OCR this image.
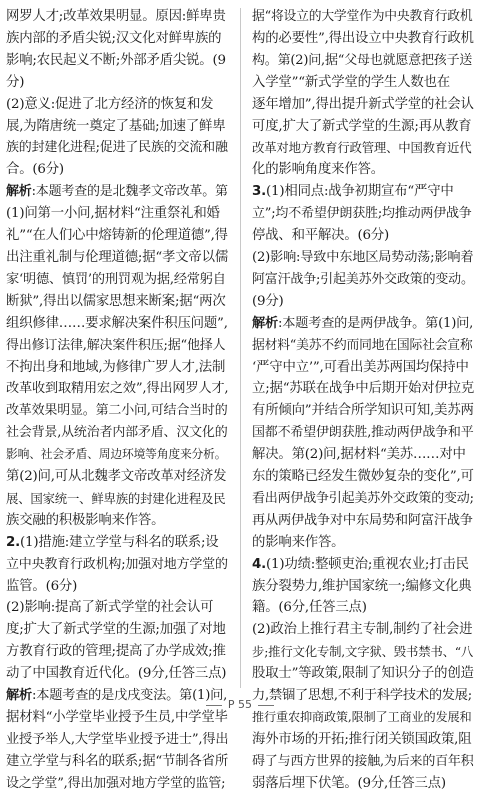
网罗人才;改革效果明显。原因:鲜卑贵
族内部的矛盾尖锐;汉文化对鲜卑族的
影响;农民起义不断;外部矛盾尖锐。(9
分)
(2)意义:促进了北方经济的恢复和发
展,为隋唐统一奠定了基础;加速了鲜卑
族的封建化进程;促进了民族的交流和融
合。(6分)
解析:本题考查的是北魏孝文帝改革。第
(1)问第一小问,据材料“注重祭礼和婚
礼”“在人们心中熔铸新的伦理道德”,得
出注重礼制与伦理道德;据“孝文帝以儒
家‘明德、慎罚’的刑罚观为据,经常躬自
断狱”,得出以儒家思想来断案;据“两次
组织修律……要求解决案件积压问题”,
得出修订法律,解决案件积压;据“他择人
不拘出身和地域,为修律广罗人才,法制
改革收到取精用宏之效”,得出网罗人才,
改革效果明显。第二小问,可结合当时的
社会背景,从统治者内部矛盾、汉文化的
影响、社会矛盾、周边环境等角度来分析。
第(2)问,可从北魏孝文帝改革对经济发
展、国家统一、鲜卑族的封建化进程及民
族交融的积极影响来作答。
2.(1)措施:建立学堂与科名的联系;设
立中央教育行政机构;加强对地方学堂的
监管。(6分)
(2)影响:提高了新式学堂的社会认可
度;扩大了新式学堂的生源;加强了对地
方教育行政的管理;提高了办学成效;推
动了中国教育近代化。(9分,任答三点)
解析:本题考查的是戊戌变法。第(1)问,
据材料“小学堂毕业授予生员,中学堂毕
业授予举人,大学堂毕业授予进士”,得出
建立学堂与科名的联系;据“节制各省所
设之学堂”,得出加强对地方学堂的监管;
据“将设立的大学堂作为中央教育行政机
构的必要性”,得出设立中央教育行政机
构。第(2)问,据“父母也就愿意把孩子送
入学堂”“新式学堂的学生人数也在
逐年增加”,得出提升新式学堂的社会认
可度,扩大了新式学堂的生源;再从教育
改革对地方教育行政管理、中国教育近代
化的影响角度来作答。
3.(1)相同点:战争初期宣布“严守中
立”;均不希望伊朗获胜;均推动两伊战争
停战、和平解决。(6分)
(2)影响:导致中东地区局势动荡;影响着
阿富汗战争;引起美苏外交政策的变动。
(9分)
解析:本题考查的是两伊战争。第(1)问,
据材料“美苏不约而同地在国际社会宣称
‘严守中立’”,可看出美苏两国均保持中
立;据“苏联在战争中后期开始对伊拉克
有所倾向”并结合所学知识可知,美苏两
国都不希望伊朗获胜,推动两伊战争和平
解决。第(2)问,据材料“美苏……对中
东的策略已经发生微妙复杂的变化”,可
看出两伊战争引起美苏外交政策的变动;
再从两伊战争对中东局势和阿富汗战争
的影响来作答。
4.(1)功绩:整顿吏治;重视农业;打击民
族分裂势力,维护国家统一;编修文化典
籍。(6分,任答三点)
(2)政治上推行君主专制,制约了社会进
步;推行文化专制,文字狱、毁书禁书、“八
股取士”等政策,限制了知识分子的创造
力,禁锢了思想,不利于科学技术的发展;
推行重农抑商政策,限制了工商业的发展和
海外市场的开拓;推行闭关锁国政策,阻
碍了与西方世界的接触,为后来的百年积
弱落后埋下伏笔。(9分,任答三点)
P 55
